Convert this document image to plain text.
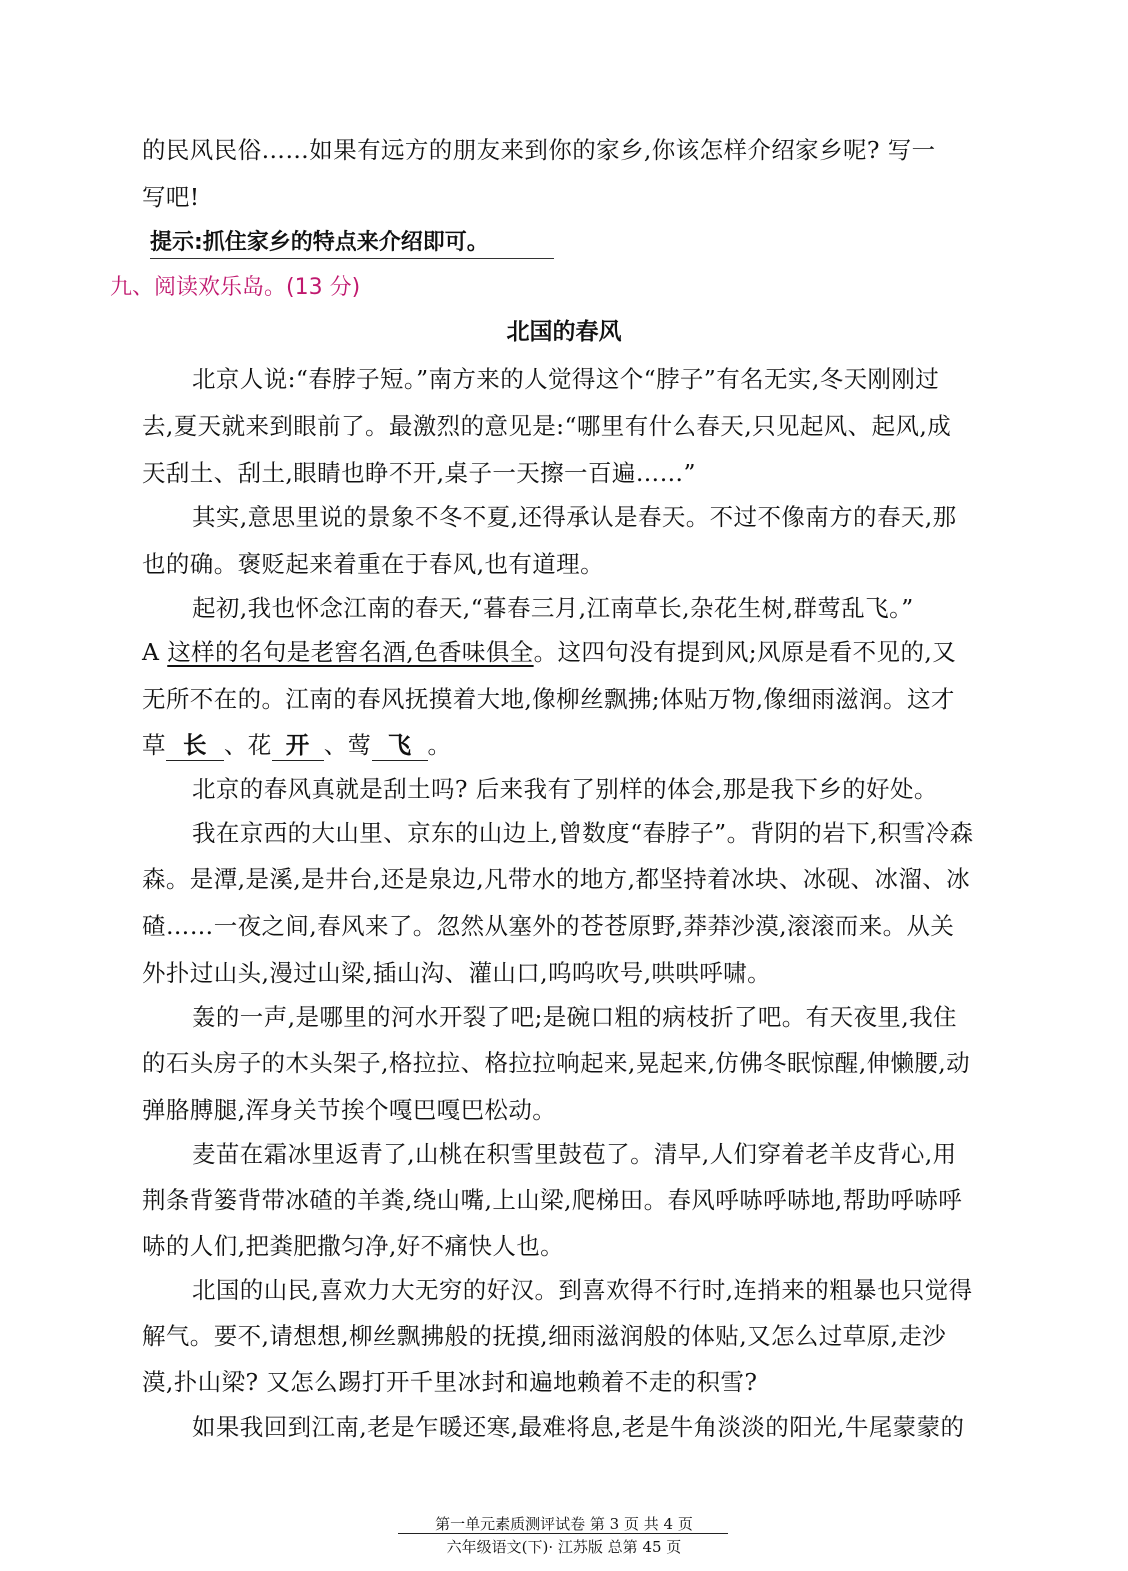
的民风民俗……如果有远方的朋友来到你的家乡,你该怎样介绍家乡呢? 写一
写吧!
提示:抓住家乡的特点来介绍即可。
九、阅读欢乐岛。(13 分)
北国的春风
北京人说:“春脖子短。”南方来的人觉得这个“脖子”有名无实,冬天刚刚过
去,夏天就来到眼前了。最激烈的意见是:“哪里有什么春天,只见起风、起风,成
天刮土、刮土,眼睛也睁不开,桌子一天擦一百遍……”
其实,意思里说的景象不冬不夏,还得承认是春天。不过不像南方的春天,那
也的确。褒贬起来着重在于春风,也有道理。
起初,我也怀念江南的春天,“暮春三月,江南草长,杂花生树,群莺乱飞。”
A 这样的名句是老窖名酒,色香味俱全。这四句没有提到风;风原是看不见的,又
无所不在的。江南的春风抚摸着大地,像柳丝飘拂;体贴万物,像细雨滋润。这才
草 长 、花 开 、莺 飞 。
北京的春风真就是刮土吗? 后来我有了别样的体会,那是我下乡的好处。
我在京西的大山里、京东的山边上,曾数度“春脖子”。背阴的岩下,积雪冷森
森。是潭,是溪,是井台,还是泉边,凡带水的地方,都坚持着冰块、冰砚、冰溜、冰
碴……一夜之间,春风来了。忽然从塞外的苍苍原野,莽莽沙漠,滚滚而来。从关
外扑过山头,漫过山梁,插山沟、灌山口,呜呜吹号,哄哄呼啸。
轰的一声,是哪里的河水开裂了吧;是碗口粗的病枝折了吧。有天夜里,我住
的石头房子的木头架子,格拉拉、格拉拉响起来,晃起来,仿佛冬眠惊醒,伸懒腰,动
弹胳膊腿,浑身关节挨个嘎巴嘎巴松动。
麦苗在霜冰里返青了,山桃在积雪里鼓苞了。清早,人们穿着老羊皮背心,用
荆条背篓背带冰碴的羊粪,绕山嘴,上山梁,爬梯田。春风呼哧呼哧地,帮助呼哧呼
哧的人们,把粪肥撒匀净,好不痛快人也。
北国的山民,喜欢力大无穷的好汉。到喜欢得不行时,连捎来的粗暴也只觉得
解气。要不,请想想,柳丝飘拂般的抚摸,细雨滋润般的体贴,又怎么过草原,走沙
漠,扑山梁? 又怎么踢打开千里冰封和遍地赖着不走的积雪?
如果我回到江南,老是乍暖还寒,最难将息,老是牛角淡淡的阳光,牛尾蒙蒙的
第一单元素质测评试卷 第 3 页 共 4 页
六年级语文(下)· 江苏版 总第 45 页
